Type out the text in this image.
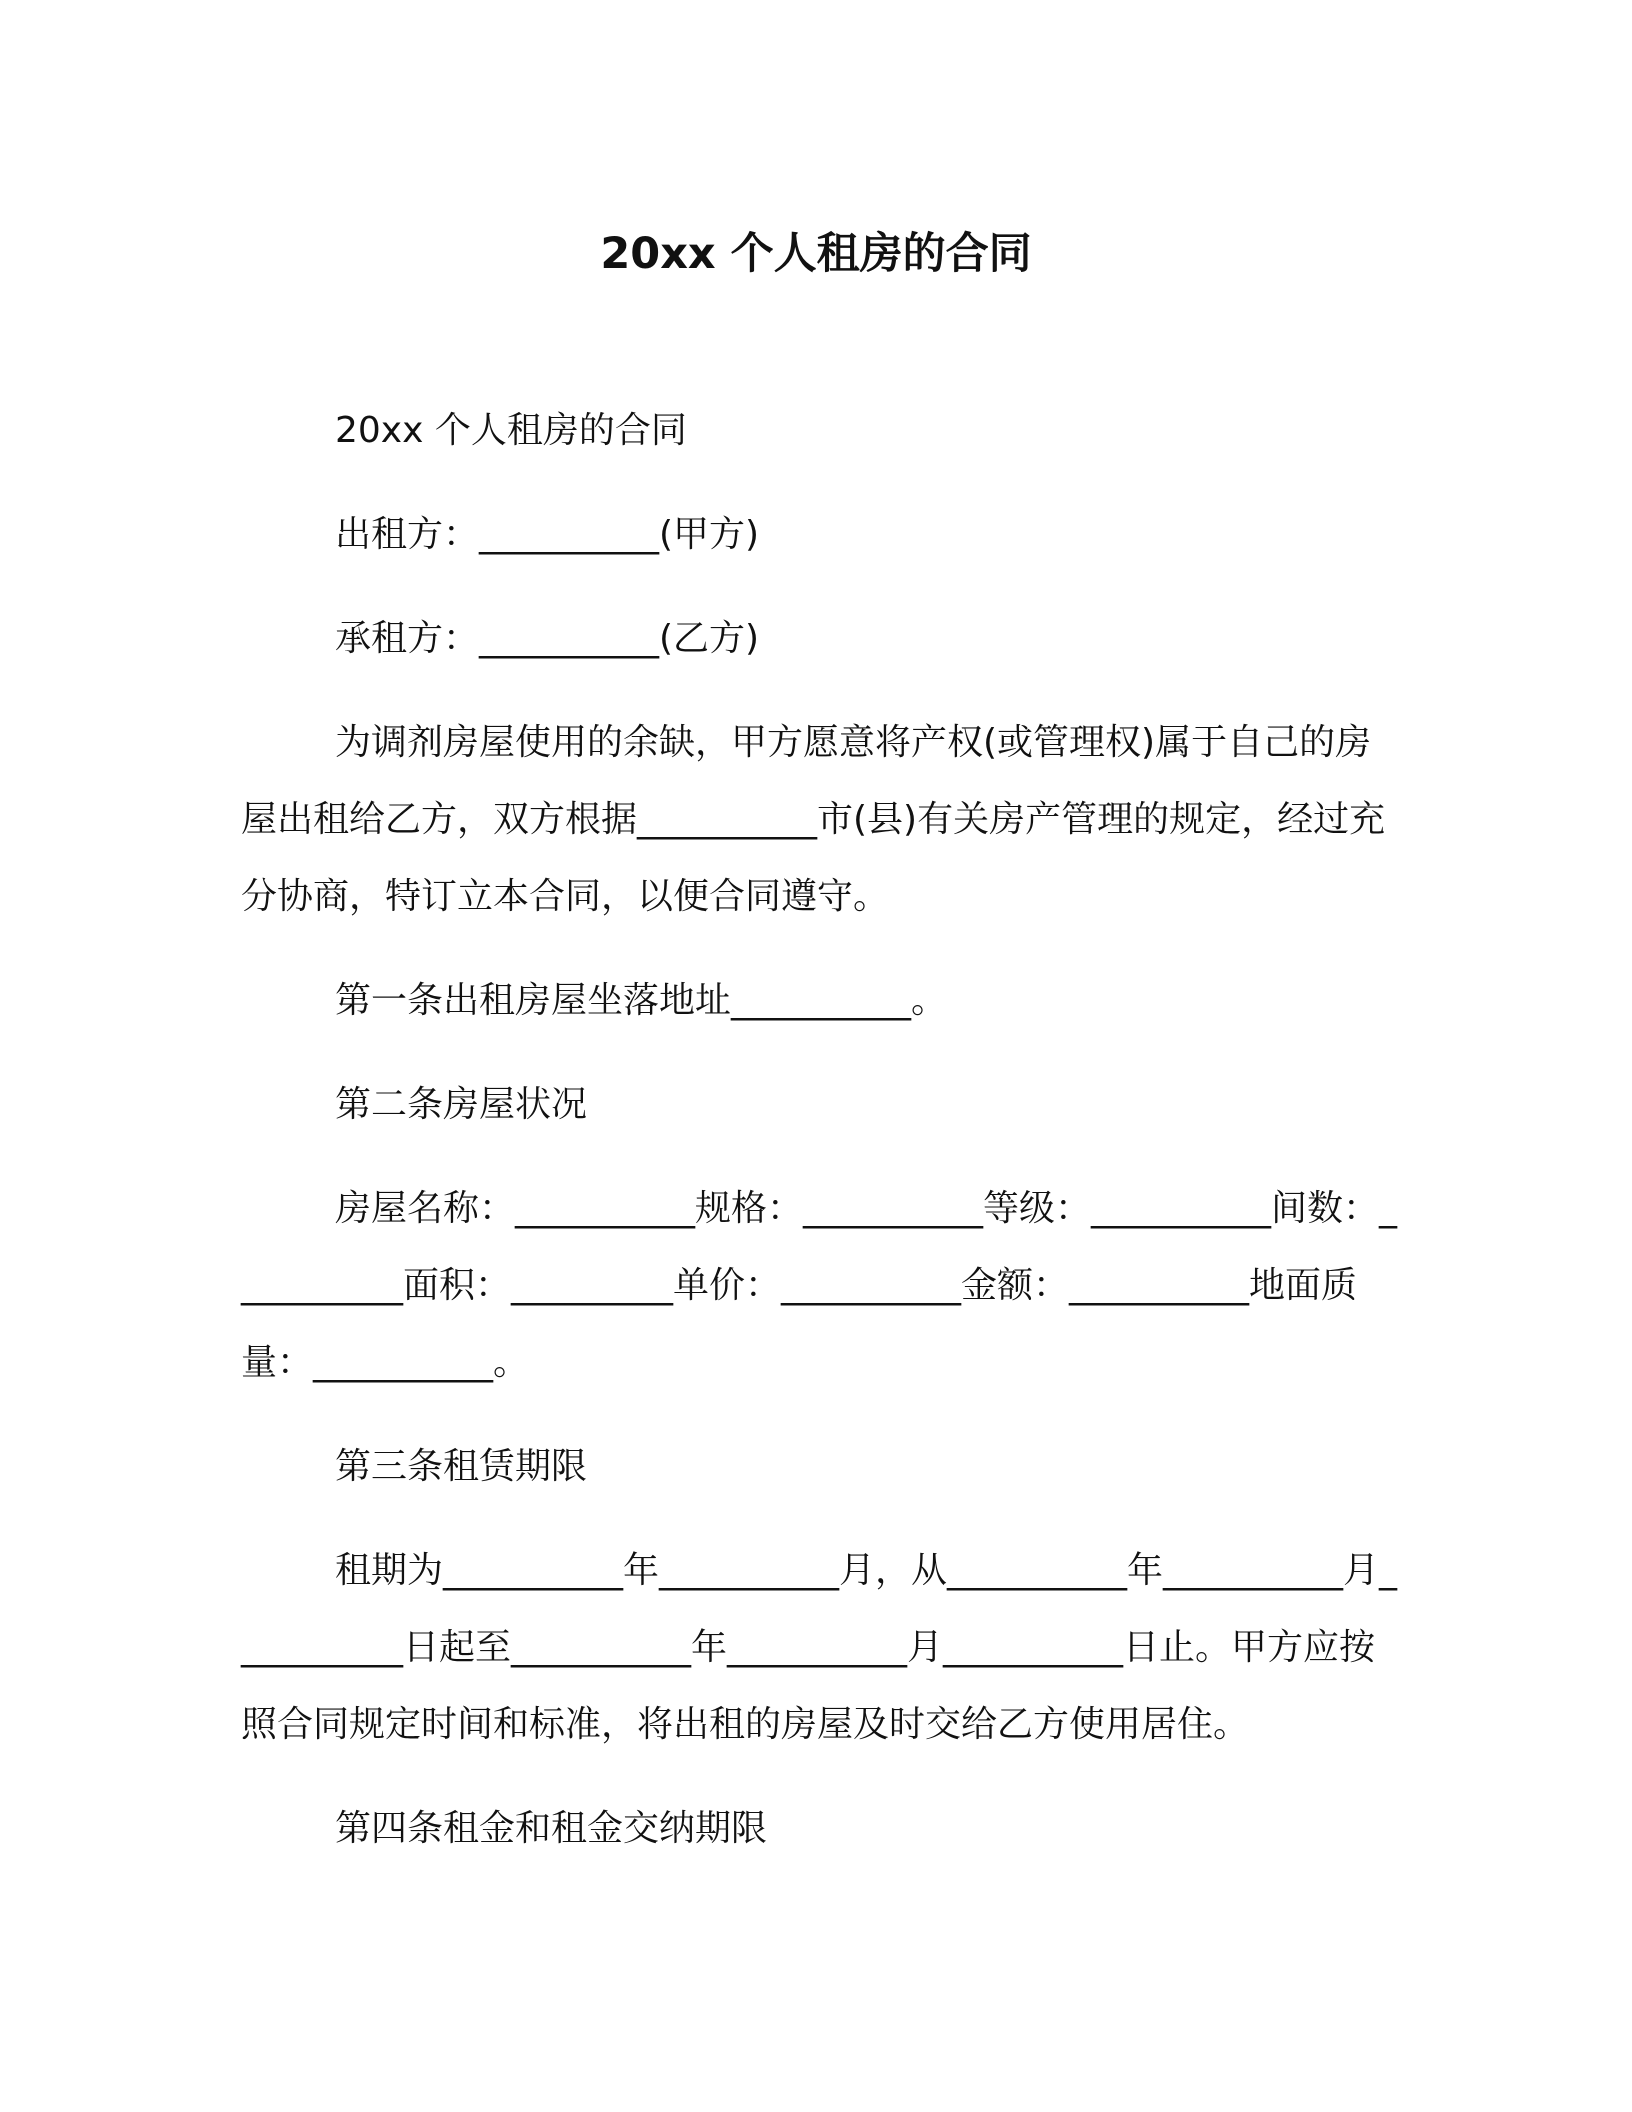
20xx 个人租房的合同

20xx 个人租房的合同

出租方：__________(甲方)

承租方：__________(乙方)

为调剂房屋使用的余缺，甲方愿意将产权(或管理权)属于自己的房屋出租给乙方，双方根据__________市(县)有关房产管理的规定，经过充分协商，特订立本合同，以便合同遵守。

第一条出租房屋坐落地址__________。

第二条房屋状况

房屋名称：__________规格：__________等级：__________间数：__________面积：_________单价：__________金额：__________地面质量：__________。

第三条租赁期限

租期为__________年__________月，从__________年__________月__________日起至__________年__________月__________日止。甲方应按照合同规定时间和标准，将出租的房屋及时交给乙方使用居住。

第四条租金和租金交纳期限
